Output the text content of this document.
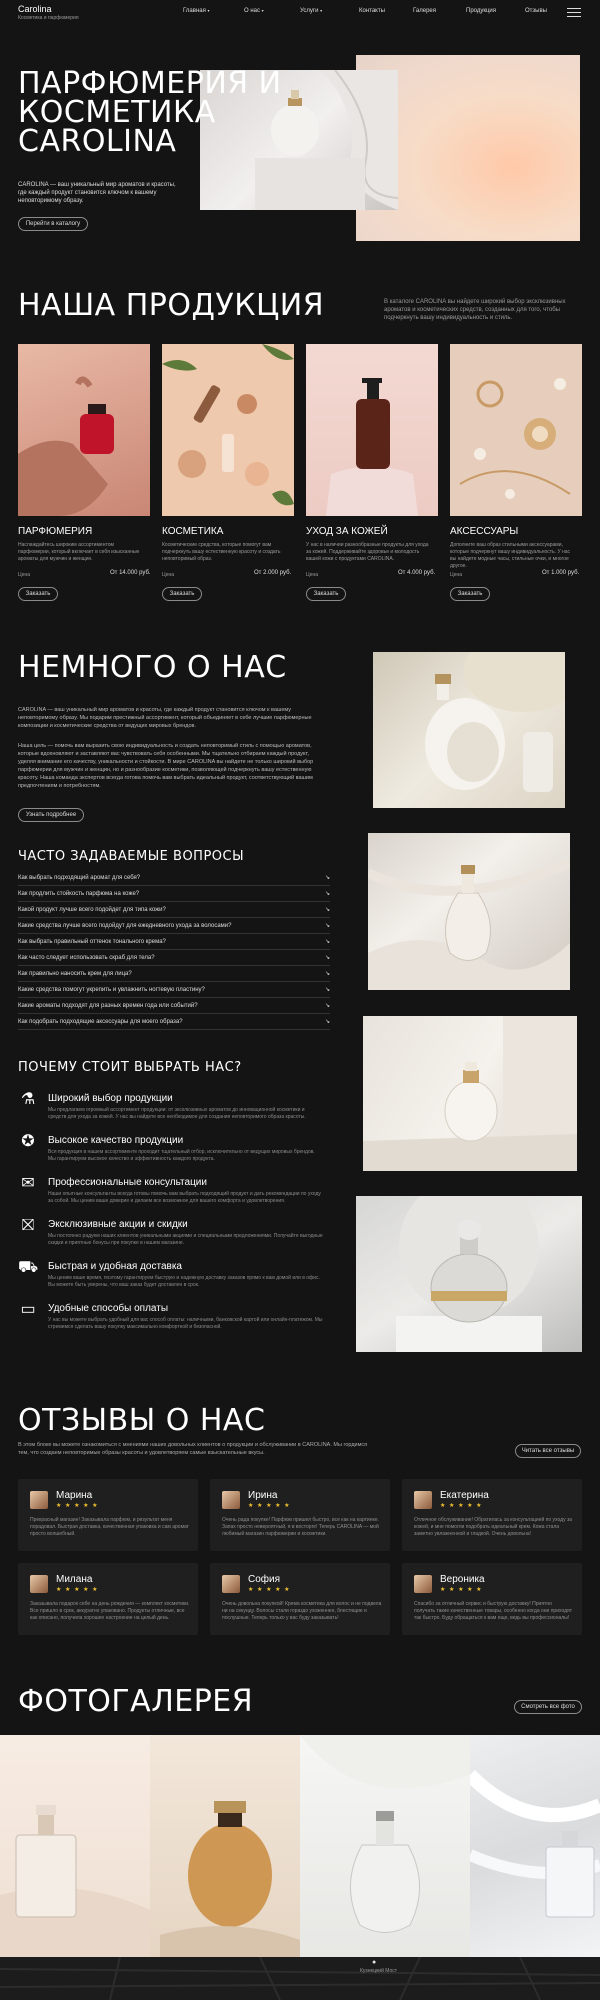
Carolina
Косметика и парфюмерия
Главная ▾	О нас ▾	Услуги ▾	Контакты	Галерея	Продукция	Отзывы
ПАРФЮМЕРИЯ И
КОСМЕТИКА
CAROLINA
CAROLINA — ваш уникальный мир ароматов и красоты, где каждый продукт становится ключом к вашему неповторимому образу.
Перейти в каталогу
НАША ПРОДУКЦИЯ	В каталоге CAROLINA вы найдете широкий выбор эксклюзивных ароматов и косметических средств, созданных для того, чтобы подчеркнуть вашу индивидуальность и стиль.
ПАРФЮМЕРИЯ
Наслаждайтесь широким ассортиментом парфюмерии, который включает в себя изысканные ароматы для мужчин и женщин.
Цена	От 14.000 руб.
Заказать
КОСМЕТИКА
Косметические средства, которые помогут вам подчеркнуть вашу естественную красоту и создать неповторимый образ.
Цена	От 2.000 руб.
Заказать
УХОД ЗА КОЖЕЙ
У нас в наличии разнообразные продукты для ухода за кожей. Поддерживайте здоровье и молодость вашей кожи с продуктами CAROLINA.
Цена	От 4.000 руб.
Заказать
АКСЕССУАРЫ
Дополните ваш образ стильными аксессуарами, которые подчеркнут вашу индивидуальность. У нас вы найдете модные часы, стильные очки, и многое другое.
Цена	От 1.000 руб.
Заказать
НЕМНОГО О НАС
CAROLINA — ваш уникальный мир ароматов и красоты, где каждый продукт становится ключом к вашему неповторимому образу. Мы подарим престижный ассортимент, который объединяет в себе лучшие парфюмерные композиции и косметические средства от ведущих мировых брендов.
Наша цель — помочь вам выразить свою индивидуальность и создать неповторимый стиль с помощью ароматов, которые вдохновляют и заставляют вас чувствовать себя особенными. Мы тщательно отбираем каждый продукт, уделяя внимание его качеству, уникальности и стойкости. В мире CAROLINA вы найдете не только широкий выбор парфюмерии для мужчин и женщин, но и разнообразие косметики, позволяющей подчеркнуть вашу естественную красоту. Наша команда экспертов всегда готова помочь вам выбрать идеальный продукт, соответствующий вашим предпочтениям и потребностям.
Узнать подробнее
ЧАСТО ЗАДАВАЕМЫЕ ВОПРОСЫ
Как выбрать подходящий аромат для себя?	↘
Как продлить стойкость парфюма на коже?	↘
Какой продукт лучше всего подойдет для типа кожи?	↘
Какие средства лучше всего подойдут для ежедневного ухода за волосами?	↘
Как выбрать правильный оттенок тонального крема?	↘
Как часто следует использовать скраб для тела?	↘
Как правильно наносить крем для лица?	↘
Какие средства помогут укрепить и увлажнить ногтевую пластину?	↘
Какие ароматы подходят для разных времен года или событий?	↘
Как подобрать подходящие аксессуары для моего образа?	↘
ПОЧЕМУ СТОИТ ВЫБРАТЬ НАС?
⚗ Широкий выбор продукции
Мы предлагаем огромный ассортимент продукции: от эксклюзивных ароматов до инновационной косметики и средств для ухода за кожей. У нас вы найдете все необходимое для создания неповторимого образа красоты.
✪	Высокое качество продукции
Вся продукция в нашем ассортименте проходит тщательный отбор, исключительно от ведущих мировых брендов. Мы гарантируем высокое качество и эффективность каждого продукта.
✉	Профессиональные консультации
Наши опытные консультанты всегда готовы помочь вам выбрать подходящий продукт и дать рекомендации по уходу за собой. Мы ценим ваше доверие и делаем все возможное для вашего комфорта и удовлетворения.
⛝	Эксклюзивные акции и скидки
Мы постоянно радуем наших клиентов уникальными акциями и специальными предложениями. Получайте выгодные скидки и приятные бонусы при покупке в нашем магазине.
⛟ Быстрая и удобная доставка
Мы ценим ваше время, поэтому гарантируем быструю и надежную доставку заказов прямо к вам домой или в офис. Вы можете быть уверены, что ваш заказ будет доставлен в срок.
▭ Удобные способы оплаты
У нас вы можете выбрать удобный для вас способ оплаты: наличными, банковской картой или онлайн-платежом. Мы стремимся сделать вашу покупку максимально комфортной и безопасной.
ОТЗЫВЫ О НАС
В этом блоке вы можете ознакомиться с мнениями наших довольных клиентов о продукции и обслуживании в CAROLINA. Мы гордимся тем, что создаем неповторимые образы красоты и удовлетворяем самые взыскательные вкусы.	Читать все отзывы
Марина
★ ★ ★ ★ ★
Прекрасный магазин! Заказывала парфюм, и результат меня порадовал. Быстрая доставка, качественная упаковка и сам аромат просто волшебный.
Ирина
★ ★ ★ ★ ★
Очень рада покупке! Парфюм пришел быстро, все как на картинке. Запах просто невероятный, я в восторге! Теперь CAROLINA — мой любимый магазин парфюмерии и косметики.
Екатерина
★ ★ ★ ★ ★
Отличное обслуживание! Обратилась за консультацией по уходу за кожей, и мне помогли подобрать идеальный крем. Кожа стала заметно увлажненной и гладкой. Очень довольна!
Милана
★ ★ ★ ★ ★
Заказывала подарок себе на день рождения — комплект косметики. Все пришло в срок, аккуратно упаковано. Продукты отличные, все как описано, получила хорошее настроение на целый день.
София
★ ★ ★ ★ ★
Очень довольна покупкой! Крема косметика для волос и не подвела ни на секунду. Волосы стали гораздо ухоженнее, блестящие и послушные. Теперь только у вас буду заказывать!
Вероника
★ ★ ★ ★ ★
Спасибо за отличный сервис и быструю доставку! Приятно получать такие качественные товары, особенно когда они приходят так быстро. Буду обращаться к вам еще, ведь вы профессионалы!
ФОТОГАЛЕРЕЯ	Смотреть все фото
●
Кузнецкий Мост
